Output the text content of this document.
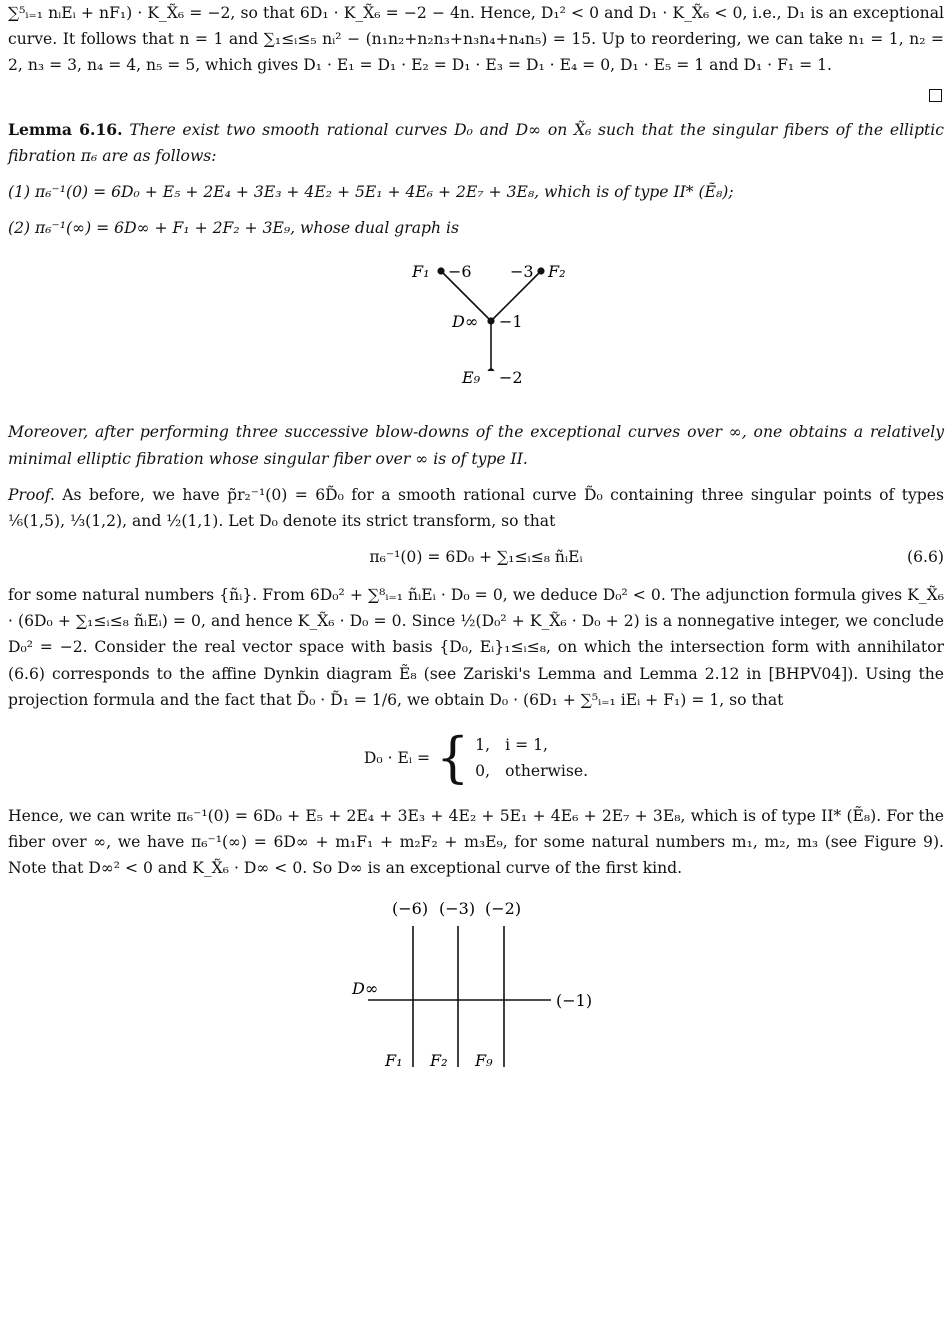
∑⁵ᵢ₌₁ nᵢEᵢ + nF₁) · K_X̃₆ = −2, so that 6D₁ · K_X̃₆ = −2 − 4n. Hence, D₁² < 0 and D₁ · K_X̃₆ < 0, i.e., D₁ is an exceptional curve. It follows that n = 1 and ∑₁≤ᵢ≤₅ nᵢ² − (n₁n₂+n₂n₃+n₃n₄+n₄n₅) = 15. Up to reordering, we can take n₁ = 1, n₂ = 2, n₃ = 3, n₄ = 4, n₅ = 5, which gives D₁ · E₁ = D₁ · E₂ = D₁ · E₃ = D₁ · E₄ = 0, D₁ · E₅ = 1 and D₁ · F₁ = 1.

Lemma 6.16. There exist two smooth rational curves D₀ and D∞ on X̃₆ such that the singular fibers of the elliptic fibration π₆ are as follows:

(1) π₆⁻¹(0) = 6D₀ + E₅ + 2E₄ + 3E₃ + 4E₂ + 5E₁ + 4E₆ + 2E₇ + 3E₈, which is of type II* (Ẽ₈);

(2) π₆⁻¹(∞) = 6D∞ + F₁ + 2F₂ + 3E₉, whose dual graph is

F₁ −6 −3 F₂
D∞ −1
E₉ −2

Moreover, after performing three successive blow-downs of the exceptional curves over ∞, one obtains a relatively minimal elliptic fibration whose singular fiber over ∞ is of type II.

Proof. As before, we have p̃r₂⁻¹(0) = 6D̃₀ for a smooth rational curve D̃₀ containing three singular points of types ⅙(1,5), ⅓(1,2), and ½(1,1). Let D₀ denote its strict transform, so that

π₆⁻¹(0) = 6D₀ + ∑₁≤ᵢ≤₈ ñᵢEᵢ	(6.6)

for some natural numbers {ñᵢ}. From 6D₀² + ∑⁸ᵢ₌₁ ñᵢEᵢ · D₀ = 0, we deduce D₀² < 0. The adjunction formula gives K_X̃₆ · (6D₀ + ∑₁≤ᵢ≤₈ ñᵢEᵢ) = 0, and hence K_X̃₆ · D₀ = 0. Since ½(D₀² + K_X̃₆ · D₀ + 2) is a nonnegative integer, we conclude D₀² = −2. Consider the real vector space with basis {D₀, Eᵢ}₁≤ᵢ≤₈, on which the intersection form with annihilator (6.6) corresponds to the affine Dynkin diagram Ẽ₈ (see Zariski's Lemma and Lemma 2.12 in [BHPV04]). Using the projection formula and the fact that D̃₀ · D̃₁ = 1/6, we obtain D₀ · (6D₁ + ∑⁵ᵢ₌₁ iEᵢ + F₁) = 1, so that

D₀ · Eᵢ = { 1, i = 1,
0, otherwise.

Hence, we can write π₆⁻¹(0) = 6D₀ + E₅ + 2E₄ + 3E₃ + 4E₂ + 5E₁ + 4E₆ + 2E₇ + 3E₈, which is of type II* (Ẽ₈). For the fiber over ∞, we have π₆⁻¹(∞) = 6D∞ + m₁F₁ + m₂F₂ + m₃E₉, for some natural numbers m₁, m₂, m₃ (see Figure 9). Note that D∞² < 0 and K_X̃₆ · D∞ < 0. So D∞ is an exceptional curve of the first kind.

(−6) (−3) (−2)
D∞
(−1)
F₁ F₂ F₉
